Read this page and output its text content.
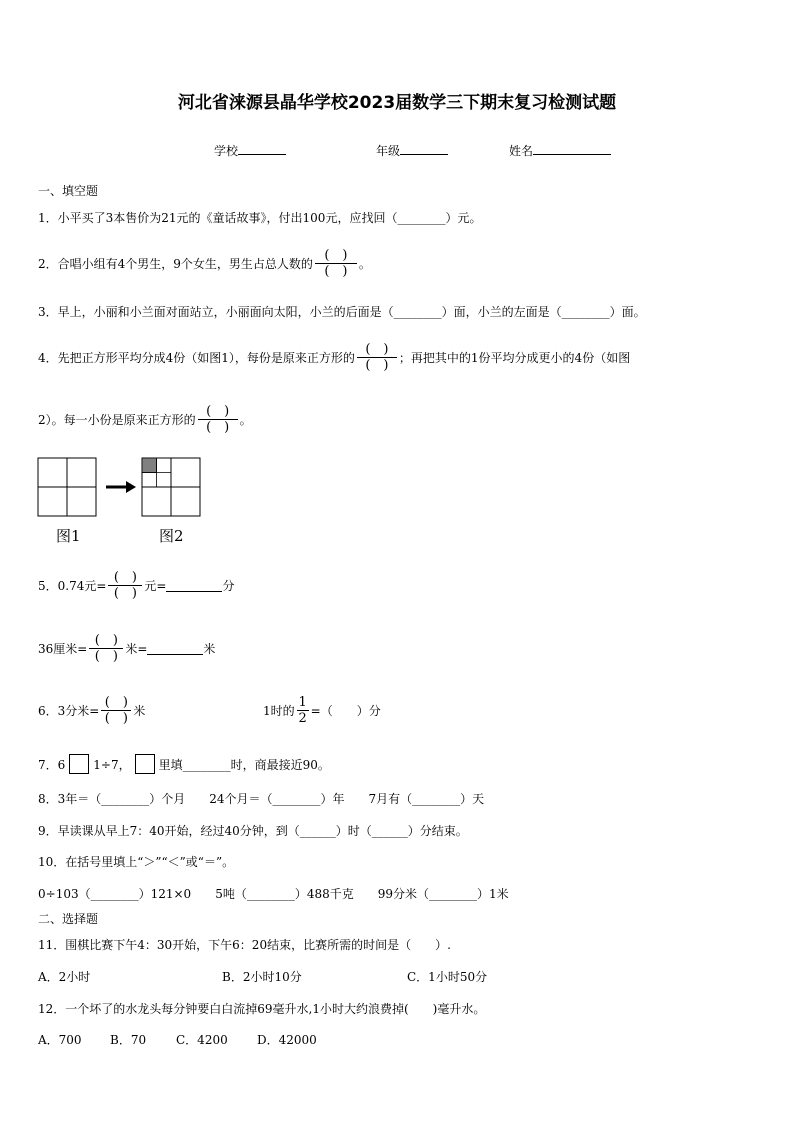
河北省涞源县晶华学校2023届数学三下期末复习检测试题
学校	年级	姓名
一、填空题
1．小平买了3本售价为21元的《童话故事》，付出100元，应找回（________）元。
2．合唱小组有4个男生，9个女生，男生占总人数的 $\frac{( )}{( )}$ 。
3．早上，小丽和小兰面对面站立，小丽面向太阳，小兰的后面是（________）面，小兰的左面是（________）面。
4．先把正方形平均分成4份（如图1），每份是原来正方形的 $\frac{( )}{( )}$ ；再把其中的1份平均分成更小的4份（如图
2）。每一小份是原来正方形的 $\frac{( )}{( )}$ 。
图1	图2
5．0.74元= $\frac{( )}{( )}$ 元=	分
36厘米= $\frac{( )}{( )}$ 米=	米
6．3分米= $\frac{( )}{( )}$ 米	1时的 $\frac{1}{2}$ =（　　）分
7．6 1÷7， 里填________时，商最接近90。
8．3年＝（________）个月　　24个月＝（________）年　　7月有（________）天
9．早读课从早上7：40开始，经过40分钟，到（______）时（______）分结束。
10．在括号里填上“＞”“＜”或“＝”。
0÷103（________）121×0　　5吨（________）488千克　　99分米（________）1米
二、选择题
11．围棋比赛下午4：30开始，下午6：20结束，比赛所需的时间是（　　）.
A．2小时	B．2小时10分	C．1小时50分
12．一个坏了的水龙头每分钟要白白流掉69毫升水,1小时大约浪费掉(　　)毫升水。
A．700 B．70 C．4200 D．42000
